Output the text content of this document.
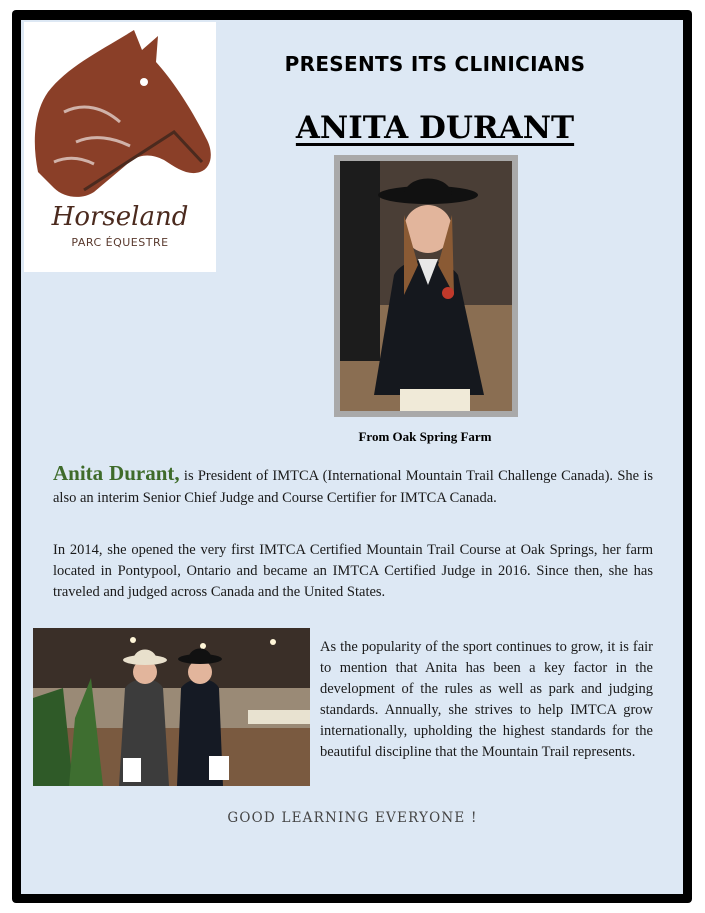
Horseland
PARC ÉQUESTRE
PRESENTS ITS CLINICIANS
ANITA DURANT
From Oak Spring Farm
Anita Durant, is President of IMTCA (International Mountain Trail Challenge Canada). She is also an interim Senior Chief Judge and Course Certifier for IMTCA Canada.
In 2014, she opened the very first IMTCA Certified Mountain Trail Course at Oak Springs, her farm located in Pontypool, Ontario and became an IMTCA Certified Judge in 2016. Since then, she has traveled and judged across Canada and the United States.
As the popularity of the sport continues to grow, it is fair to mention that Anita has been a key factor in the development of the rules as well as park and judging standards. Annually, she strives to help IMTCA grow internationally, upholding the highest standards for the beautiful discipline that the Mountain Trail represents.
GOOD LEARNING EVERYONE !
